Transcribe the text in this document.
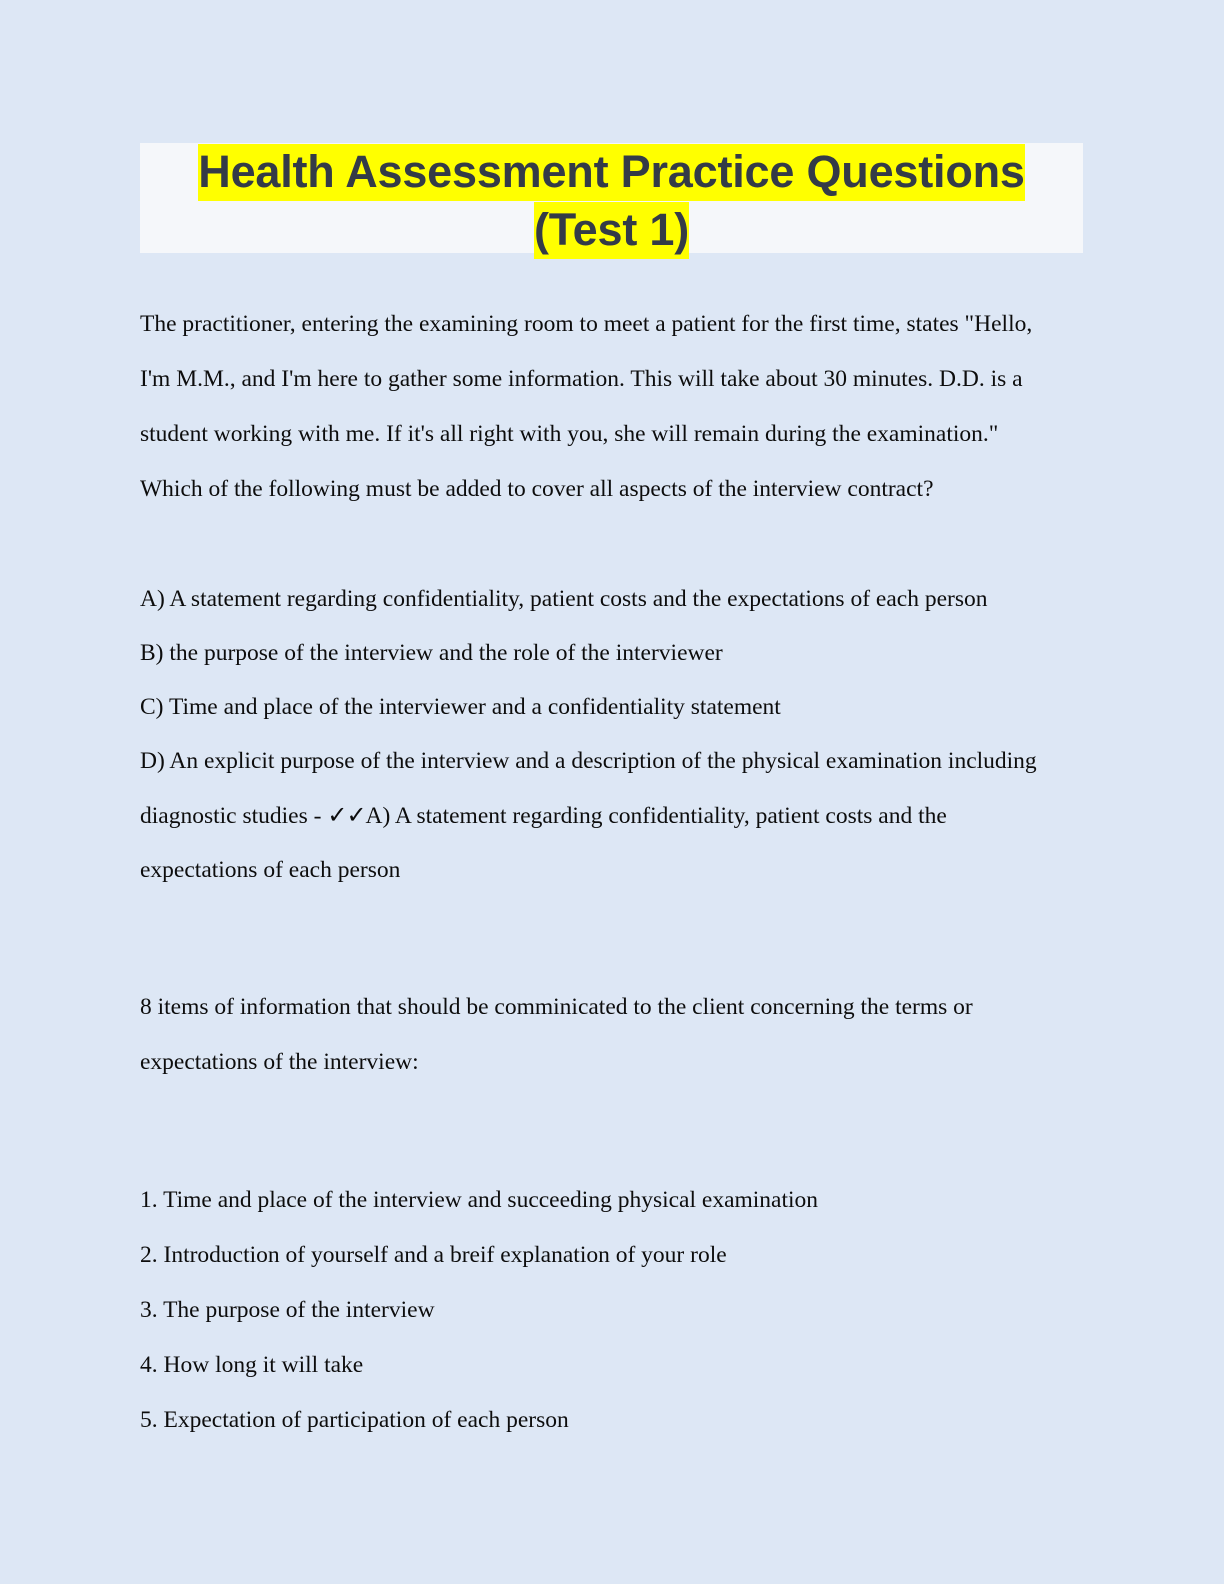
Health Assessment Practice Questions
(Test 1)

The practitioner, entering the examining room to meet a patient for the first time, states "Hello, I'm M.M., and I'm here to gather some information. This will take about 30 minutes. D.D. is a student working with me. If it's all right with you, she will remain during the examination." Which of the following must be added to cover all aspects of the interview contract?

A) A statement regarding confidentiality, patient costs and the expectations of each person

B) the purpose of the interview and the role of the interviewer

C) Time and place of the interviewer and a confidentiality statement

D) An explicit purpose of the interview and a description of the physical examination including diagnostic studies - ✓✓A) A statement regarding confidentiality, patient costs and the expectations of each person

8 items of information that should be comminicated to the client concerning the terms or expectations of the interview:

1. Time and place of the interview and succeeding physical examination

2. Introduction of yourself and a breif explanation of your role

3. The purpose of the interview

4. How long it will take

5. Expectation of participation of each person
